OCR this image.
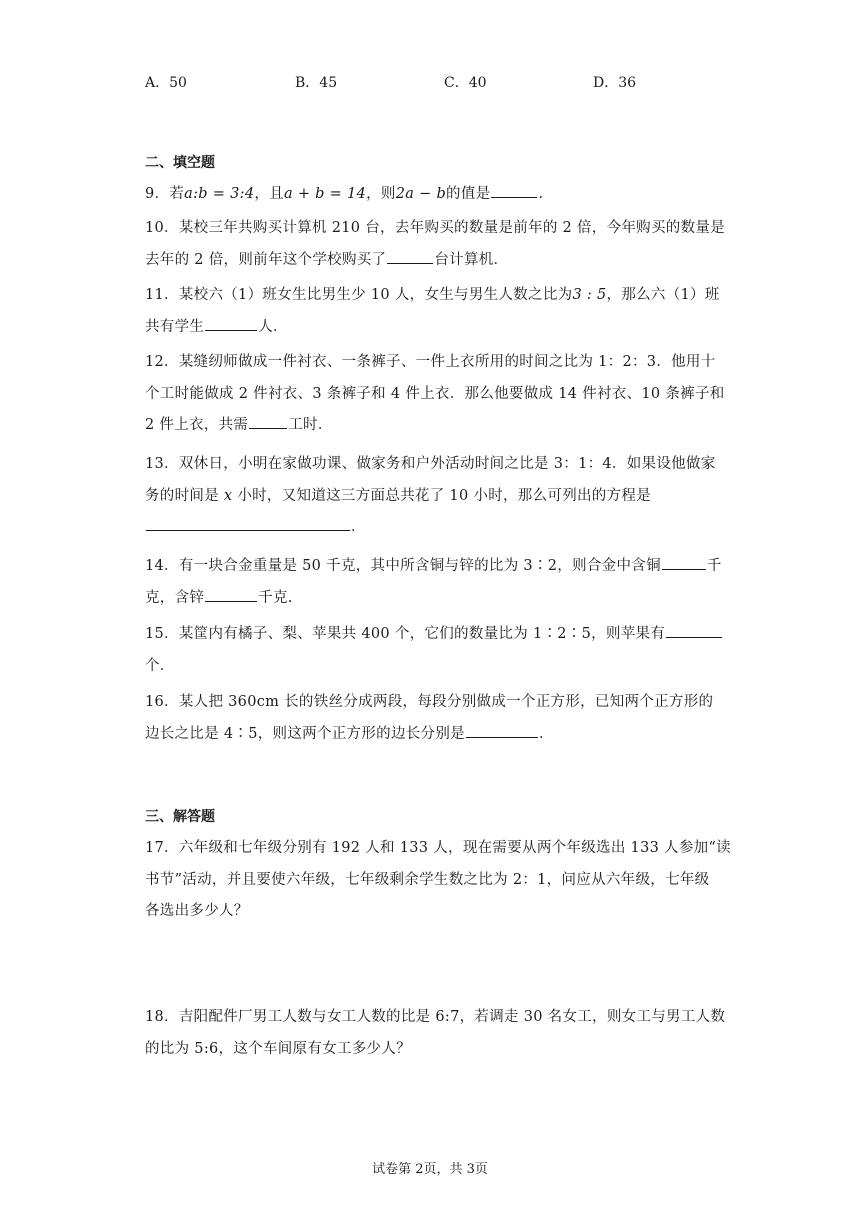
A．50	B．45	C．40	D．36
二、填空题
9．若a:b = 3:4，且a + b = 14，则2a − b的值是	．
10．某校三年共购买计算机 210 台，去年购买的数量是前年的 2 倍，今年购买的数量是
去年的 2 倍，则前年这个学校购买了	台计算机．
11．某校六（1）班女生比男生少 10 人，女生与男生人数之比为3 : 5，那么六（1）班
共有学生	人．
12．某缝纫师做成一件衬衣、一条裤子、一件上衣所用的时间之比为 1：2：3．他用十
个工时能做成 2 件衬衣、3 条裤子和 4 件上衣．那么他要做成 14 件衬衣、10 条裤子和
2 件上衣，共需	工时．
13．双休日，小明在家做功课、做家务和户外活动时间之比是 3：1：4．如果设他做家
务的时间是 x 小时，又知道这三方面总共花了 10 小时，那么可列出的方程是
．
14．有一块合金重量是 50 千克，其中所含铜与锌的比为 3∶2，则合金中含铜	千
克，含锌	千克.
15．某筐内有橘子、梨、苹果共 400 个，它们的数量比为 1∶2∶5，则苹果有
个．
16．某人把 360cm 长的铁丝分成两段，每段分别做成一个正方形，已知两个正方形的
边长之比是 4∶5，则这两个正方形的边长分别是	．
三、解答题
17．六年级和七年级分别有 192 人和 133 人，现在需要从两个年级选出 133 人参加“读
书节”活动，并且要使六年级，七年级剩余学生数之比为 2：1，问应从六年级，七年级
各选出多少人？
18．吉阳配件厂男工人数与女工人数的比是 6:7，若调走 30 名女工，则女工与男工人数
的比为 5:6，这个车间原有女工多少人？
试卷第 2页，共 3页
